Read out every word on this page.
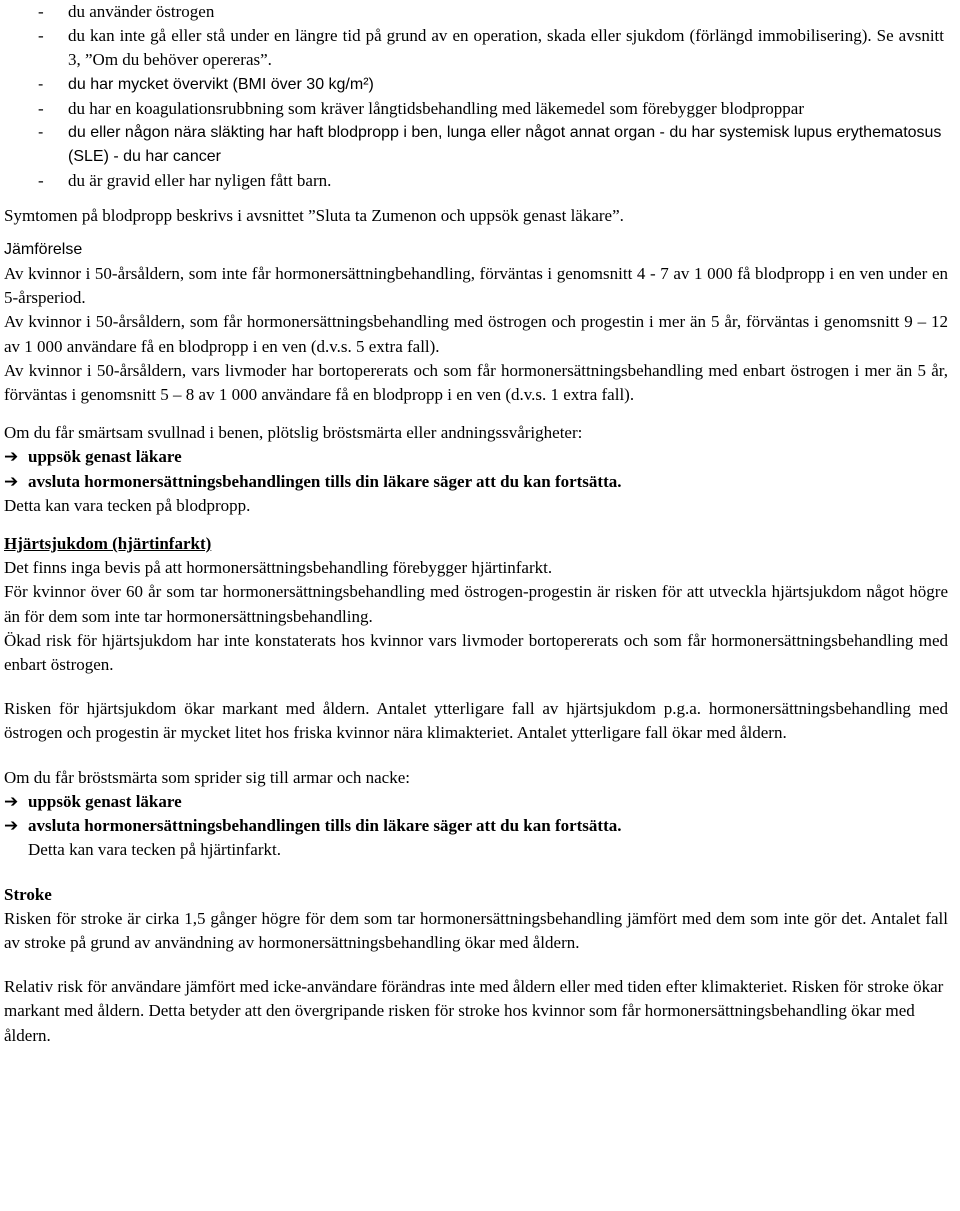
- du använder östrogen
- du kan inte gå eller stå under en längre tid på grund av en operation, skada eller sjukdom (förlängd immobilisering). Se avsnitt 3, ”Om du behöver opereras”.
- du har mycket övervikt (BMI över 30 kg/m²)
- du har en koagulationsrubbning som kräver långtidsbehandling med läkemedel som förebygger blodproppar
- du eller någon nära släkting har haft blodpropp i ben, lunga eller något annat organ - du har systemisk lupus erythematosus (SLE) - du har cancer
- du är gravid eller har nyligen fått barn.

Symtomen på blodpropp beskrivs i avsnittet ”Sluta ta Zumenon och uppsök genast läkare”.

Jämförelse

Av kvinnor i 50-årsåldern, som inte får hormonersättningbehandling, förväntas i genomsnitt 4 - 7 av 1 000 få blodpropp i en ven under en 5-årsperiod.

Av kvinnor i 50-årsåldern, som får hormonersättningsbehandling med östrogen och progestin i mer än 5 år, förväntas i genomsnitt 9 – 12 av 1 000 användare få en blodpropp i en ven (d.v.s. 5 extra fall).

Av kvinnor i 50-årsåldern, vars livmoder har bortopererats och som får hormonersättningsbehandling med enbart östrogen i mer än 5 år, förväntas i genomsnitt 5 – 8 av 1 000 användare få en blodpropp i en ven (d.v.s. 1 extra fall).

Om du får smärtsam svullnad i benen, plötslig bröstsmärta eller andningssvårigheter:

➔ uppsök genast läkare

➔ avsluta hormonersättningsbehandlingen tills din läkare säger att du kan fortsätta.

Detta kan vara tecken på blodpropp.

Hjärtsjukdom (hjärtinfarkt)

Det finns inga bevis på att hormonersättningsbehandling förebygger hjärtinfarkt.

För kvinnor över 60 år som tar hormonersättningsbehandling med östrogen-progestin är risken för att utveckla hjärtsjukdom något högre än för dem som inte tar hormonersättningsbehandling.

Ökad risk för hjärtsjukdom har inte konstaterats hos kvinnor vars livmoder bortopererats och som får hormonersättningsbehandling med enbart östrogen.

Risken för hjärtsjukdom ökar markant med åldern. Antalet ytterligare fall av hjärtsjukdom p.g.a. hormonersättningsbehandling med östrogen och progestin är mycket litet hos friska kvinnor nära klimakteriet. Antalet ytterligare fall ökar med åldern.

Om du får bröstsmärta som sprider sig till armar och nacke:

➔ uppsök genast läkare

➔ avsluta hormonersättningsbehandlingen tills din läkare säger att du kan fortsätta.

Detta kan vara tecken på hjärtinfarkt.

Stroke

Risken för stroke är cirka 1,5 gånger högre för dem som tar hormonersättningsbehandling jämfört med dem som inte gör det. Antalet fall av stroke på grund av användning av hormonersättningsbehandling ökar med åldern.

Relativ risk för användare jämfört med icke-användare förändras inte med åldern eller med tiden efter klimakteriet. Risken för stroke ökar markant med åldern. Detta betyder att den övergripande risken för stroke hos kvinnor som får hormonersättningsbehandling ökar med åldern.
